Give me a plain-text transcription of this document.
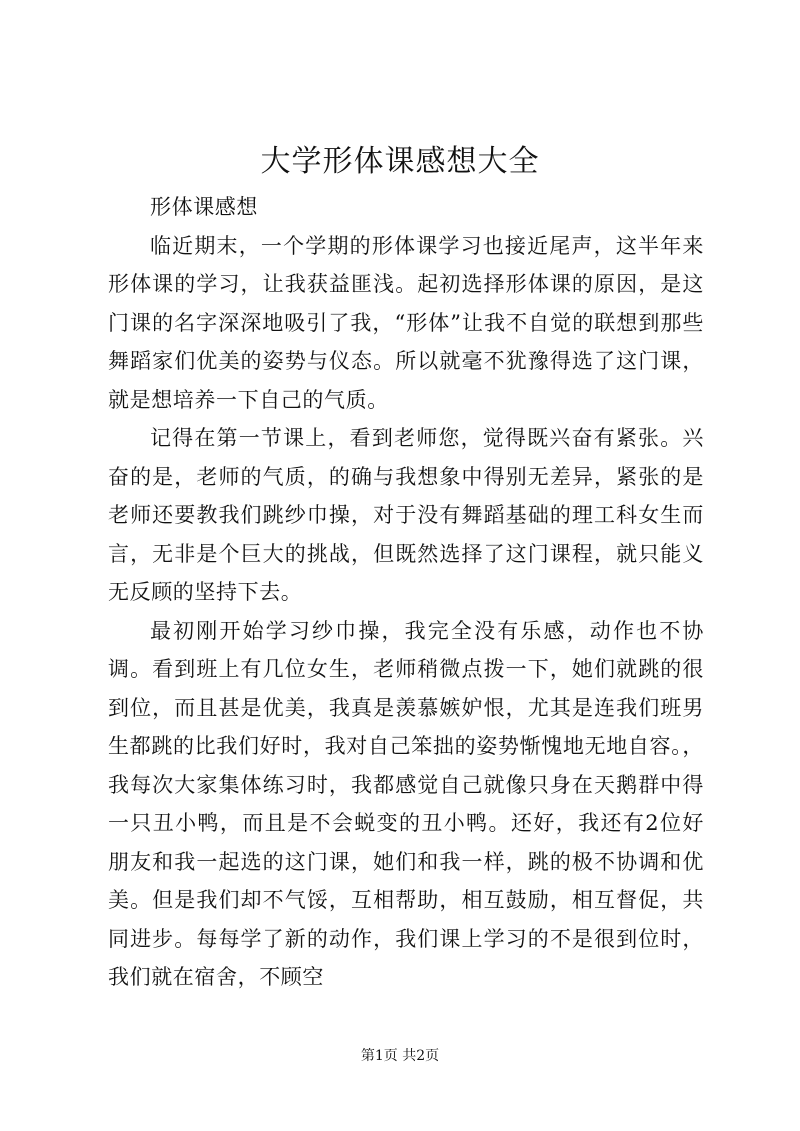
大学形体课感想大全

形体课感想

临近期末，一个学期的形体课学习也接近尾声，这半年来形体课的学习，让我获益匪浅。起初选择形体课的原因，是这门课的名字深深地吸引了我，“形体”让我不自觉的联想到那些舞蹈家们优美的姿势与仪态。所以就毫不犹豫得选了这门课，就是想培养一下自己的气质。

记得在第一节课上，看到老师您，觉得既兴奋有紧张。兴奋的是，老师的气质，的确与我想象中得别无差异，紧张的是老师还要教我们跳纱巾操，对于没有舞蹈基础的理工科女生而言，无非是个巨大的挑战，但既然选择了这门课程，就只能义无反顾的坚持下去。

最初刚开始学习纱巾操，我完全没有乐感，动作也不协调。看到班上有几位女生，老师稍微点拨一下，她们就跳的很到位，而且甚是优美，我真是羡慕嫉妒恨，尤其是连我们班男生都跳的比我们好时，我对自己笨拙的姿势惭愧地无地自容。，我每次大家集体练习时，我都感觉自己就像只身在天鹅群中得一只丑小鸭，而且是不会蜕变的丑小鸭。还好，我还有2位好朋友和我一起选的这门课，她们和我一样，跳的极不协调和优美。但是我们却不气馁，互相帮助，相互鼓励，相互督促，共同进步。每每学了新的动作，我们课上学习的不是很到位时，我们就在宿舍，不顾空

第1页 共2页
